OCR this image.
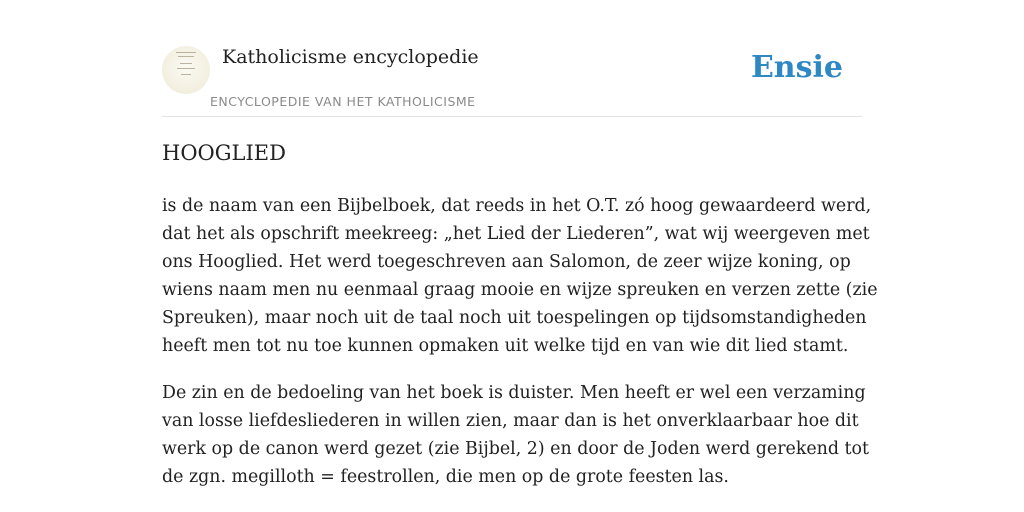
Katholicisme encyclopedie
ENCYCLOPEDIE VAN HET KATHOLICISME
Ensie
HOOGLIED

is de naam van een Bijbelboek, dat reeds in het O.T. zó hoog gewaardeerd werd,
dat het als opschrift meekreeg: „het Lied der Liederen”, wat wij weergeven met
ons Hooglied. Het werd toegeschreven aan Salomon, de zeer wijze koning, op
wiens naam men nu eenmaal graag mooie en wijze spreuken en verzen zette (zie
Spreuken), maar noch uit de taal noch uit toespelingen op tijdsomstandigheden
heeft men tot nu toe kunnen opmaken uit welke tijd en van wie dit lied stamt.

De zin en de bedoeling van het boek is duister. Men heeft er wel een verzaming
van losse liefdesliederen in willen zien, maar dan is het onverklaarbaar hoe dit
werk op de canon werd gezet (zie Bijbel, 2) en door de Joden werd gerekend tot
de zgn. megilloth = feestrollen, die men op de grote feesten las.
